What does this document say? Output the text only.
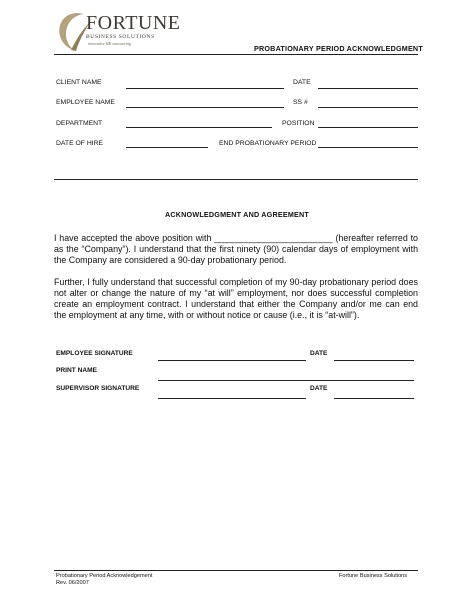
FORTUNE
BUSINESS SOLUTIONS
innovative HR outsourcing
PROBATIONARY PERIOD ACKNOWLEDGMENT
CLIENT NAME	DATE
EMPLOYEE NAME	SS #
DEPARTMENT	POSITION
DATE OF HIRE	END PROBATIONARY PERIOD
ACKNOWLEDGMENT AND AGREEMENT

I have accepted the above position with ________________________ (hereafter referred to as the “Company”). I understand that the first ninety (90) calendar days of employment with the Company are considered a 90-day probationary period.

Further, I fully understand that successful completion of my 90-day probationary period does not alter or change the nature of my “at will” employment, nor does successful completion create an employment contract. I understand that either the Company and/or me can end the employment at any time, with or without notice or cause (i.e., it is “at-will”).

EMPLOYEE SIGNATURE	DATE
PRINT NAME
SUPERVISOR SIGNATURE	DATE
Probationary Period Acknowledgement
Rev. 06/2007
Fortune Business Solutions
